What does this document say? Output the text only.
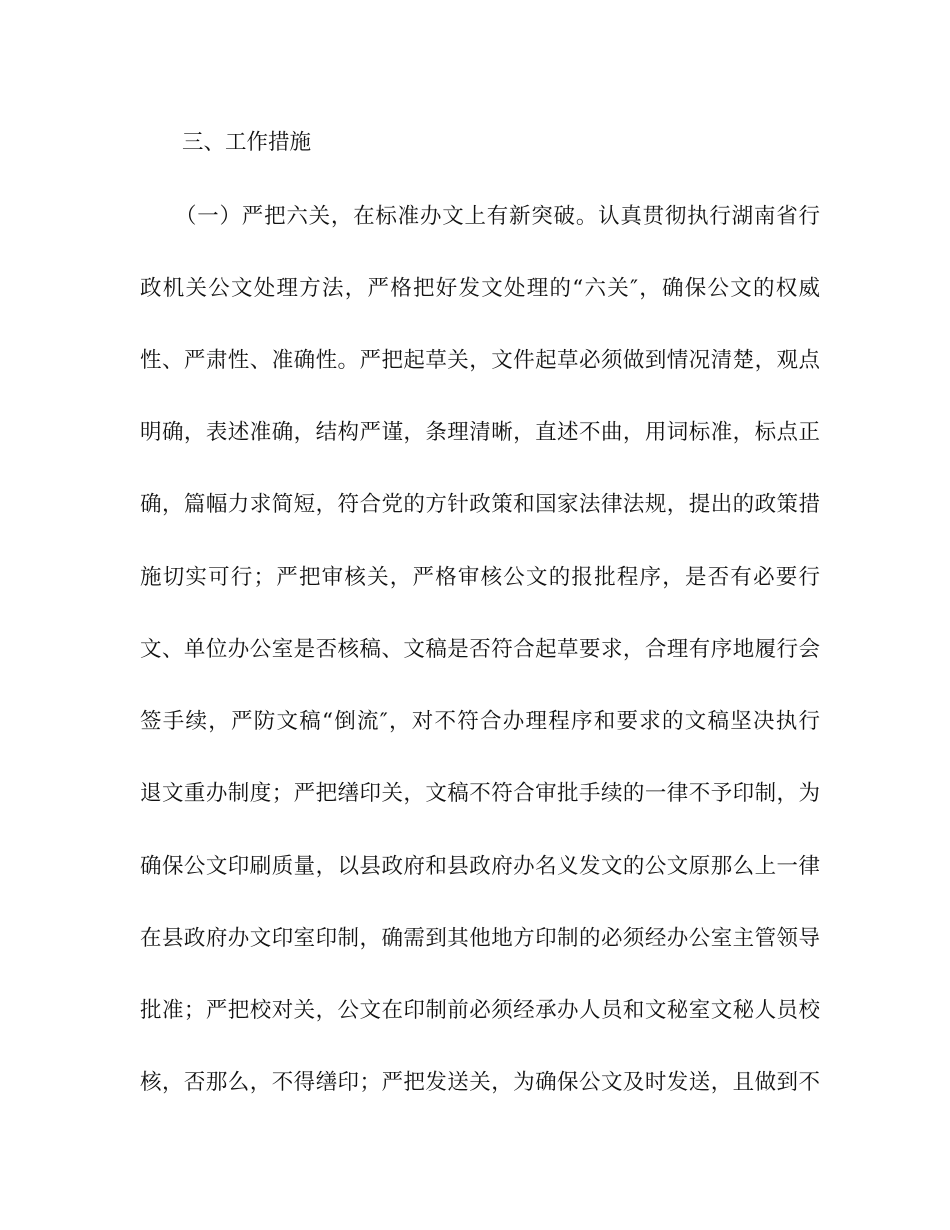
三、工作措施
（一）严把六关，在标准办文上有新突破。认真贯彻执行湖南省行
政机关公文处理方法，严格把好发文处理的“六关″，确保公文的权威
性、严肃性、准确性。严把起草关，文件起草必须做到情况清楚，观点
明确，表述准确，结构严谨，条理清晰，直述不曲，用词标准，标点正
确，篇幅力求简短，符合党的方针政策和国家法律法规，提出的政策措
施切实可行；严把审核关，严格审核公文的报批程序，是否有必要行
文、单位办公室是否核稿、文稿是否符合起草要求，合理有序地履行会
签手续，严防文稿“倒流″，对不符合办理程序和要求的文稿坚决执行
退文重办制度；严把缮印关，文稿不符合审批手续的一律不予印制，为
确保公文印刷质量，以县政府和县政府办名义发文的公文原那么上一律
在县政府办文印室印制，确需到其他地方印制的必须经办公室主管领导
批准；严把校对关，公文在印制前必须经承办人员和文秘室文秘人员校
核，否那么，不得缮印；严把发送关，为确保公文及时发送，且做到不
